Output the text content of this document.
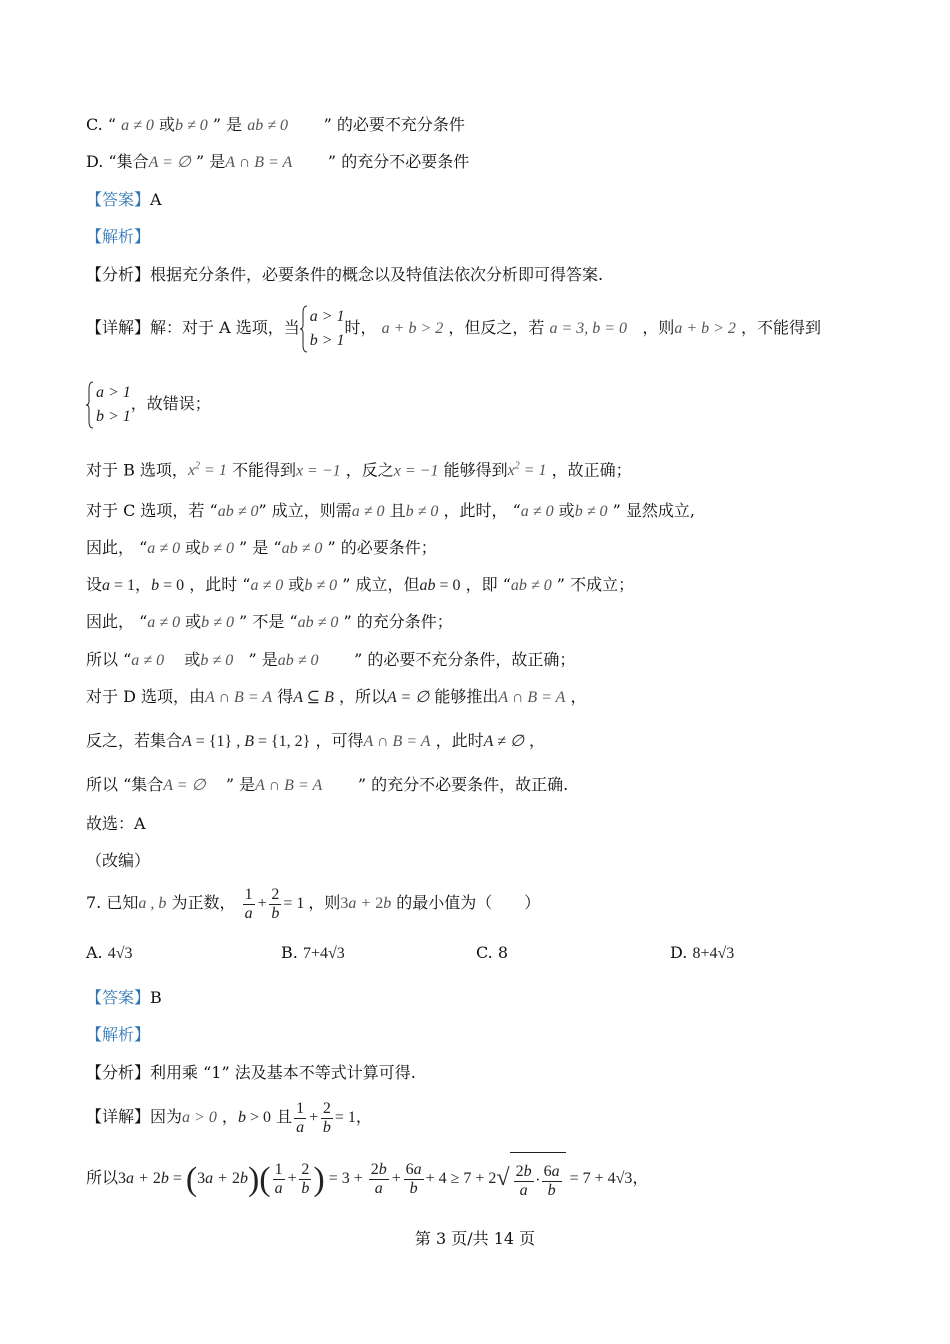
C. “ a ≠ 0 或b ≠ 0 ” 是 ab ≠ 0 ” 的必要不充分条件
D. “集合A = ∅ ” 是A ∩ B = A ” 的充分不必要条件
【答案】A
【解析】
【分析】根据充分条件，必要条件的概念以及特值法依次分析即可得答案.
【详解】解：对于 A 选项，当
a > 1
b > 1
时， a + b > 2 ，但反之，若 a = 3, b = 0 ，则a + b > 2 ，不能得到
a > 1
b > 1
，故错误；
对于 B 选项，$x^2 = 1$ 不能得到x = −1 ，反之x = −1 能够得到$x^2 = 1$ ，故正确；
对于 C 选项，若 “ab ≠ 0” 成立，则需a ≠ 0 且b ≠ 0 ，此时， “a ≠ 0 或b ≠ 0 ” 显然成立,
因此， “a ≠ 0 或b ≠ 0 ” 是 “ab ≠ 0 ” 的必要条件；
设a = 1，b = 0 ，此时 “a ≠ 0 或b ≠ 0 ” 成立，但ab = 0 ，即 “ab ≠ 0 ” 不成立；
因此， “a ≠ 0 或b ≠ 0 ” 不是 “ab ≠ 0 ” 的充分条件；
所以 “a ≠ 0 或b ≠ 0 ” 是ab ≠ 0 ” 的必要不充分条件，故正确；
对于 D 选项，由A ∩ B = A 得A ⊆ B ，所以A = ∅ 能够推出A ∩ B = A ，
反之，若集合A = {1} , B = {1, 2} ，可得A ∩ B = A ，此时A ≠ ∅ ，
所以 “集合A = ∅ ” 是A ∩ B = A ” 的充分不必要条件，故正确.
故选：A
（改编）
7. 已知a , b 为正数， $\frac{1}{a} + \frac{2}{b} = 1$ ，则3a + 2b 的最小值为（　　）
A. 4√3	B. 7+4√3	C. 8	D. 8+4√3
【答案】B
【解析】
【分析】利用乘 “1” 法及基本不等式计算可得.
【详解】因为a > 0 ，b > 0 且 $\frac{1}{a} + \frac{2}{b} = 1$，
所以$3a + 2b = (3a + 2b)( \frac{1}{a} + \frac{2}{b}$ ) = $3 + \frac{2b}{a} + \frac{6a}{b} + 4 \ge 7 + 2√ \frac{2b}{a} \cdot \frac{6a}{b} = 7 + 4√3$，
第 3 页/共 14 页
